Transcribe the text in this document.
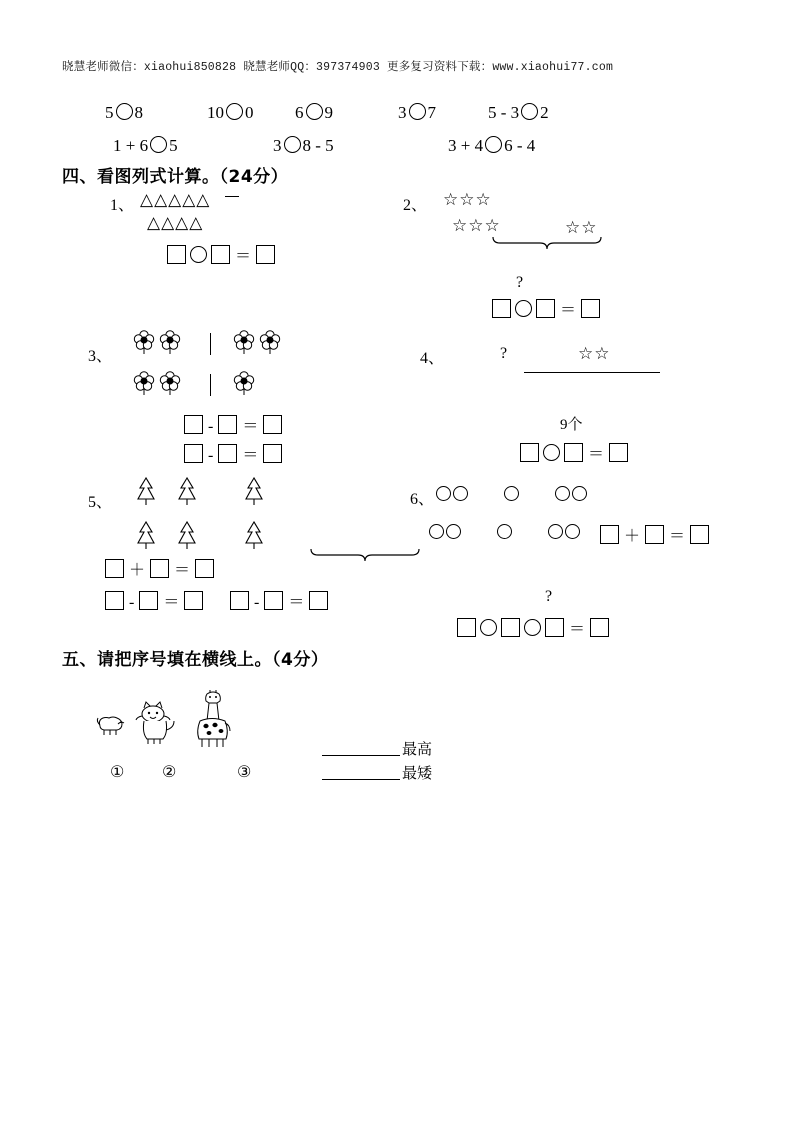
晓慧老师微信：xiaohui850828 晓慧老师QQ：397374903 更多复习资料下载：www.xiaohui77.com
5 8	10 0 6 9	3 7	5 - 3 2
1 + 6 5	3 8 - 5	3 + 4 6 - 4
四、看图列式计算。（24分）
1、 △△△△△
△△△△
＝
2、 ☆☆☆
☆☆☆	☆☆
?
＝
3、
- ＝
- ＝
4、	?	☆☆
9个
＝
5、
＋ ＝
- ＝	- ＝
6、

＋ ＝
?
＝
五、请把序号填在横线上。（4分）
① ②	③
最高
最矮
